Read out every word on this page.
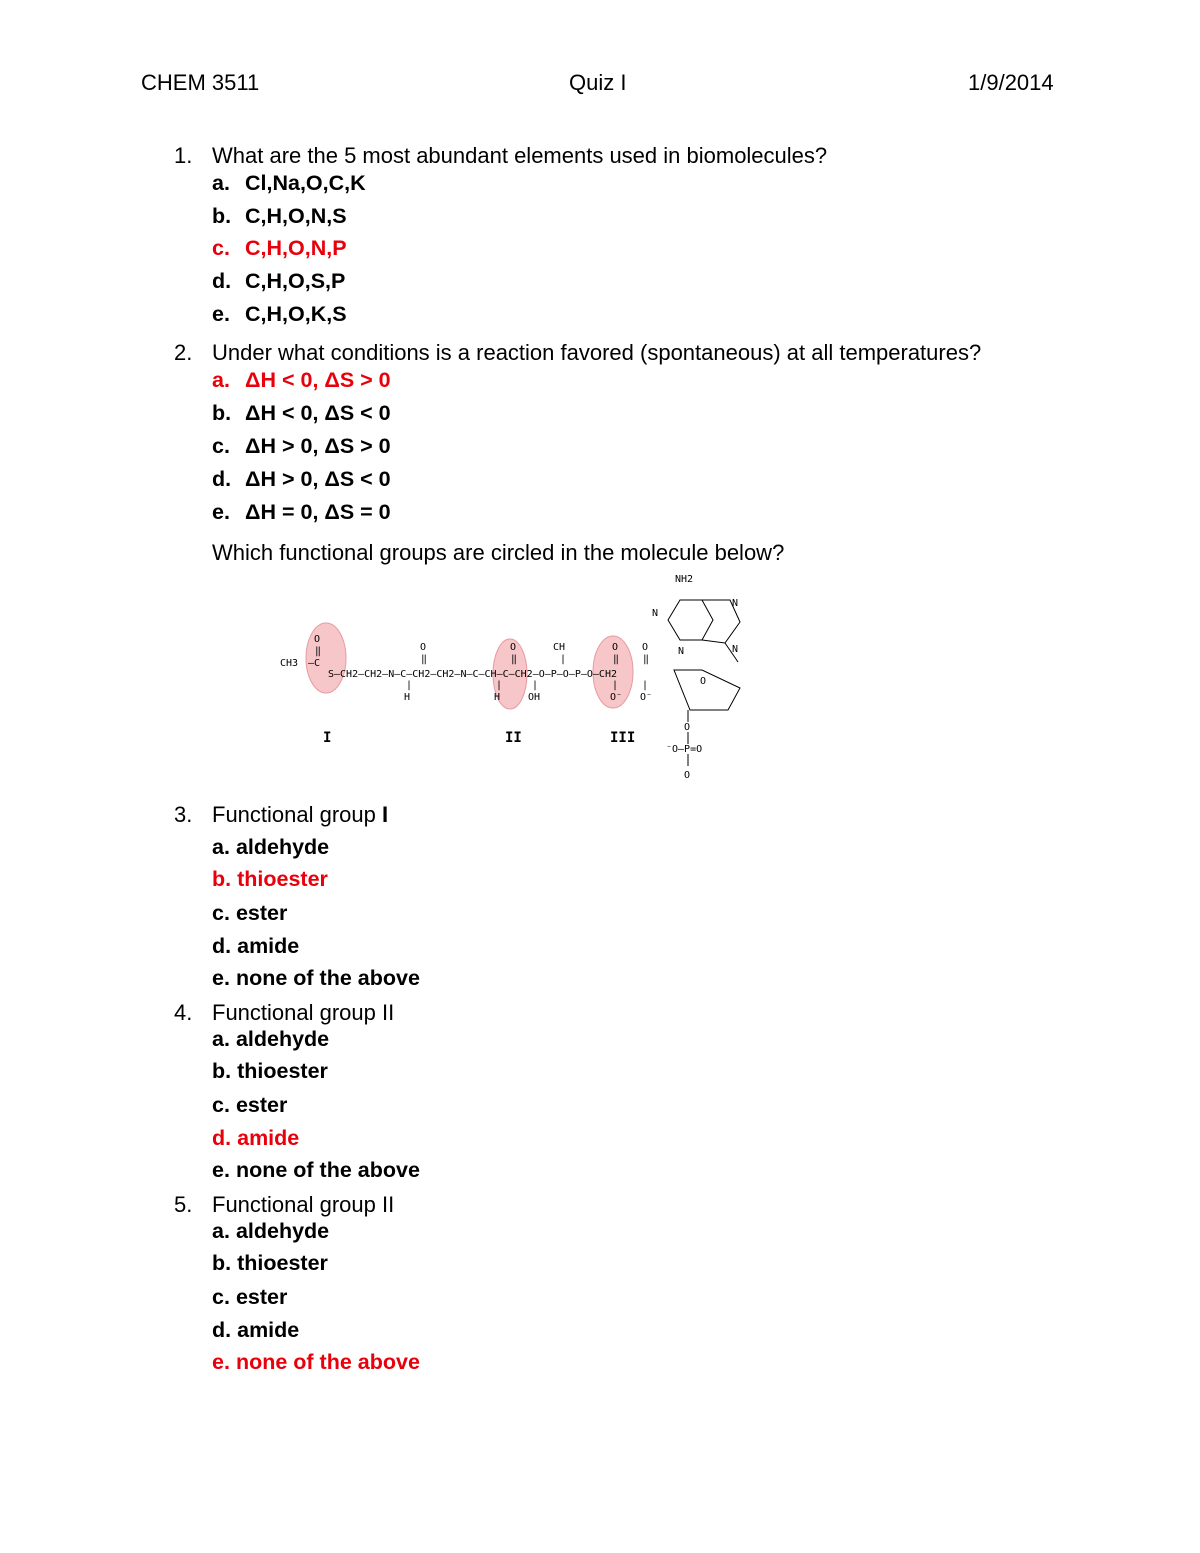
CHEM 3511	Quiz I	1/9/2014
1. What are the 5 most abundant elements used in biomolecules?
a. Cl,Na,O,C,K
b. C,H,O,N,S
c. C,H,O,N,P
d. C,H,O,S,P
e. C,H,O,K,S
2. Under what conditions is a reaction favored (spontaneous) at all temperatures?
a. ΔH < 0, ΔS > 0
b. ΔH < 0, ΔS < 0
c. ΔH > 0, ΔS > 0
d. ΔH > 0, ΔS < 0
e. ΔH = 0, ΔS = 0
Which functional groups are circled in the molecule below?
CH3 –C
O
‖
S–CH2–CH2–N–C–CH2–CH2–N–C–CH–C–CH2–O–P–O–P–O–CH2
O
‖
O
‖
CH
|
O
‖
O
‖
|
H
|
H
|
OH
|
O⁻
|
O⁻
NH2
N
N
N
N
O
O
⁻O–P=O
O
I	II	III
3. Functional group I
a. aldehyde
b. thioester
c. ester
d. amide
e. none of the above
4. Functional group II
a. aldehyde
b. thioester
c. ester
d. amide
e. none of the above
5. Functional group II
a. aldehyde
b. thioester
c. ester
d. amide
e. none of the above
